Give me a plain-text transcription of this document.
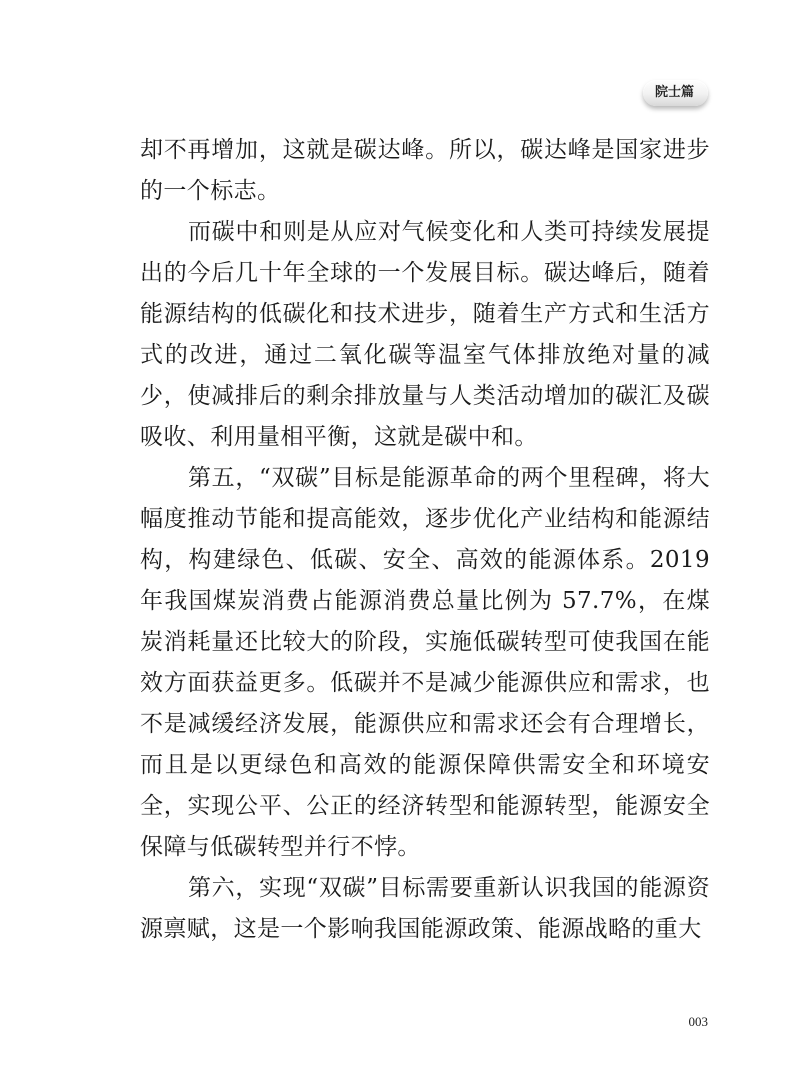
院士篇

却不再增加，这就是碳达峰。所以，碳达峰是国家进步的一个标志。

而碳中和则是从应对气候变化和人类可持续发展提出的今后几十年全球的一个发展目标。碳达峰后，随着能源结构的低碳化和技术进步，随着生产方式和生活方式的改进，通过二氧化碳等温室气体排放绝对量的减少，使减排后的剩余排放量与人类活动增加的碳汇及碳吸收、利用量相平衡，这就是碳中和。

第五，“双碳”目标是能源革命的两个里程碑，将大幅度推动节能和提高能效，逐步优化产业结构和能源结构，构建绿色、低碳、安全、高效的能源体系。2019 年我国煤炭消费占能源消费总量比例为 57.7%，在煤炭消耗量还比较大的阶段，实施低碳转型可使我国在能效方面获益更多。低碳并不是减少能源供应和需求，也不是减缓经济发展，能源供应和需求还会有合理增长，而且是以更绿色和高效的能源保障供需安全和环境安全，实现公平、公正的经济转型和能源转型，能源安全保障与低碳转型并行不悖。

第六，实现“双碳”目标需要重新认识我国的能源资源禀赋，这是一个影响我国能源政策、能源战略的重大

003
